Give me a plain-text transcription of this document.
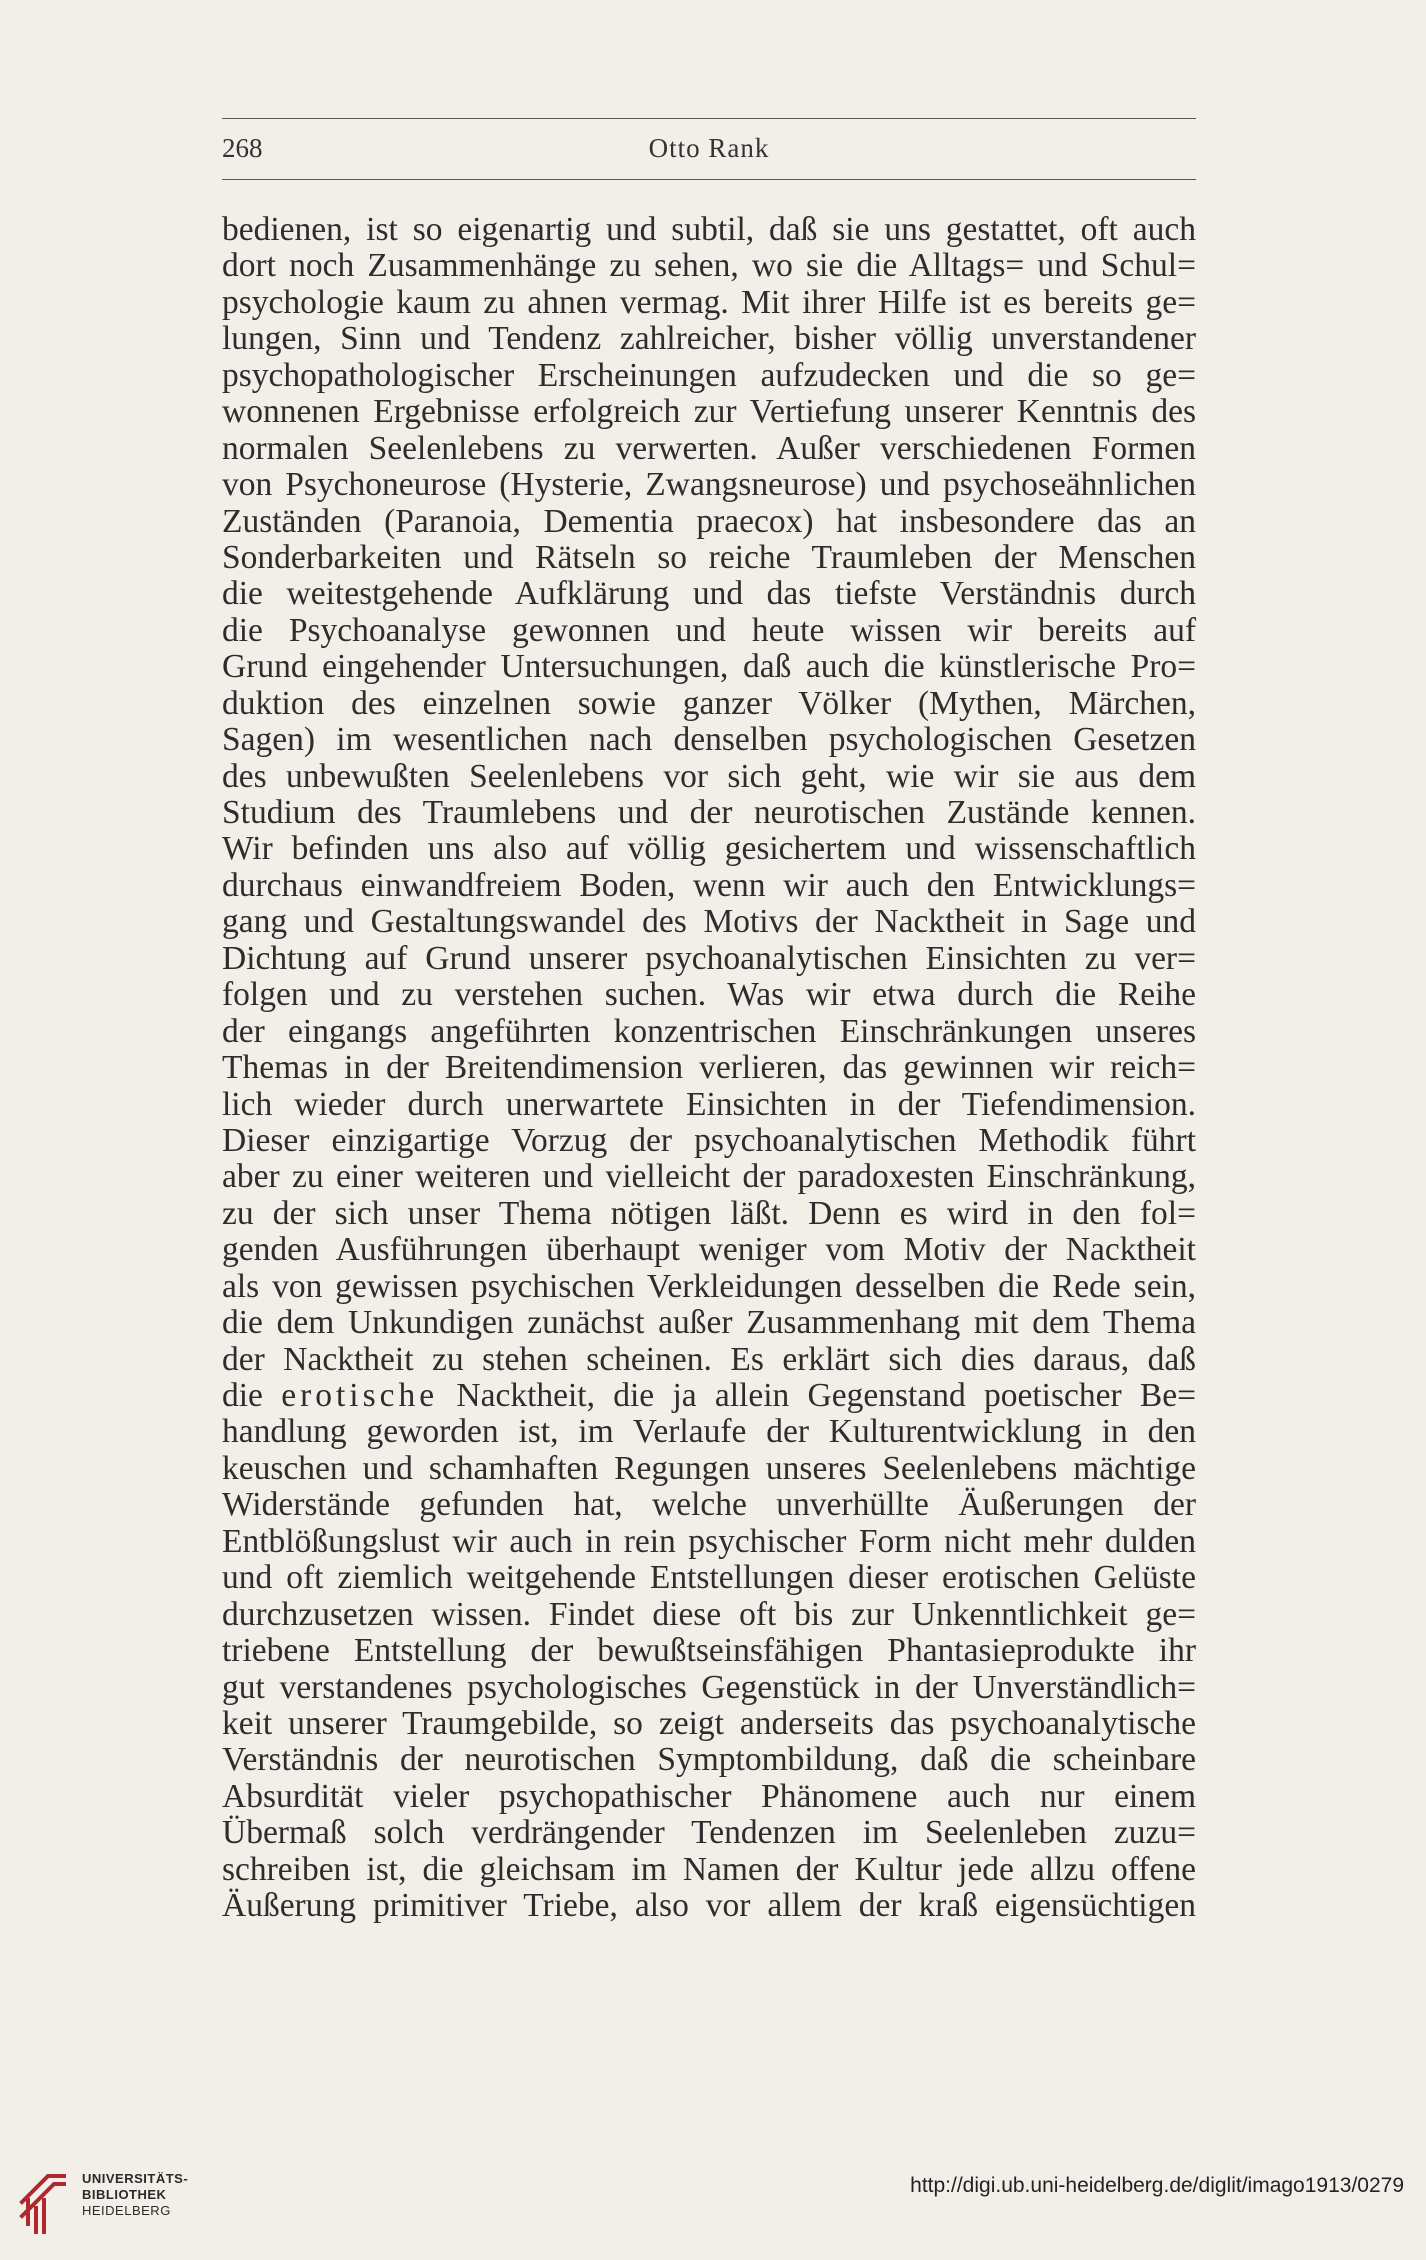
268	Otto Rank
bedienen, ist so eigenartig und subtil, daß sie uns gestattet, oft auch
dort noch Zusammenhänge zu sehen, wo sie die Alltags= und Schul=
psychologie kaum zu ahnen vermag. Mit ihrer Hilfe ist es bereits ge=
lungen, Sinn und Tendenz zahlreicher, bisher völlig unverstandener
psychopathologischer Erscheinungen aufzudecken und die so ge=
wonnenen Ergebnisse erfolgreich zur Vertiefung unserer Kenntnis des
normalen Seelenlebens zu verwerten. Außer verschiedenen Formen
von Psychoneurose (Hysterie, Zwangsneurose) und psychoseähnlichen
Zuständen (Paranoia, Dementia praecox) hat insbesondere das an
Sonderbarkeiten und Rätseln so reiche Traumleben der Menschen
die weitestgehende Aufklärung und das tiefste Verständnis durch
die Psychoanalyse gewonnen und heute wissen wir bereits auf
Grund eingehender Untersuchungen, daß auch die künstlerische Pro=
duktion des einzelnen sowie ganzer Völker (Mythen, Märchen,
Sagen) im wesentlichen nach denselben psychologischen Gesetzen
des unbewußten Seelenlebens vor sich geht, wie wir sie aus dem
Studium des Traumlebens und der neurotischen Zustände kennen.
Wir befinden uns also auf völlig gesichertem und wissenschaftlich
durchaus einwandfreiem Boden, wenn wir auch den Entwicklungs=
gang und Gestaltungswandel des Motivs der Nacktheit in Sage und
Dichtung auf Grund unserer psychoanalytischen Einsichten zu ver=
folgen und zu verstehen suchen. Was wir etwa durch die Reihe
der eingangs angeführten konzentrischen Einschränkungen unseres
Themas in der Breitendimension verlieren, das gewinnen wir reich=
lich wieder durch unerwartete Einsichten in der Tiefendimension.
Dieser einzigartige Vorzug der psychoanalytischen Methodik führt
aber zu einer weiteren und vielleicht der paradoxesten Einschränkung,
zu der sich unser Thema nötigen läßt. Denn es wird in den fol=
genden Ausführungen überhaupt weniger vom Motiv der Nacktheit
als von gewissen psychischen Verkleidungen desselben die Rede sein,
die dem Unkundigen zunächst außer Zusammenhang mit dem Thema
der Nacktheit zu stehen scheinen. Es erklärt sich dies daraus, daß
die erotische Nacktheit, die ja allein Gegenstand poetischer Be=
handlung geworden ist, im Verlaufe der Kulturentwicklung in den
keuschen und schamhaften Regungen unseres Seelenlebens mächtige
Widerstände gefunden hat, welche unverhüllte Äußerungen der
Entblößungslust wir auch in rein psychischer Form nicht mehr dulden
und oft ziemlich weitgehende Entstellungen dieser erotischen Gelüste
durchzusetzen wissen. Findet diese oft bis zur Unkenntlichkeit ge=
triebene Entstellung der bewußtseinsfähigen Phantasieprodukte ihr
gut verstandenes psychologisches Gegenstück in der Unverständlich=
keit unserer Traumgebilde, so zeigt anderseits das psychoanalytische
Verständnis der neurotischen Symptombildung, daß die scheinbare
Absurdität vieler psychopathischer Phänomene auch nur einem
Übermaß solch verdrängender Tendenzen im Seelenleben zuzu=
schreiben ist, die gleichsam im Namen der Kultur jede allzu offene
Äußerung primitiver Triebe, also vor allem der kraß eigensüchtigen
UNIVERSITÄTS-
BIBLIOTHEK
HEIDELBERG
http://digi.ub.uni-heidelberg.de/diglit/imago1913/0279
